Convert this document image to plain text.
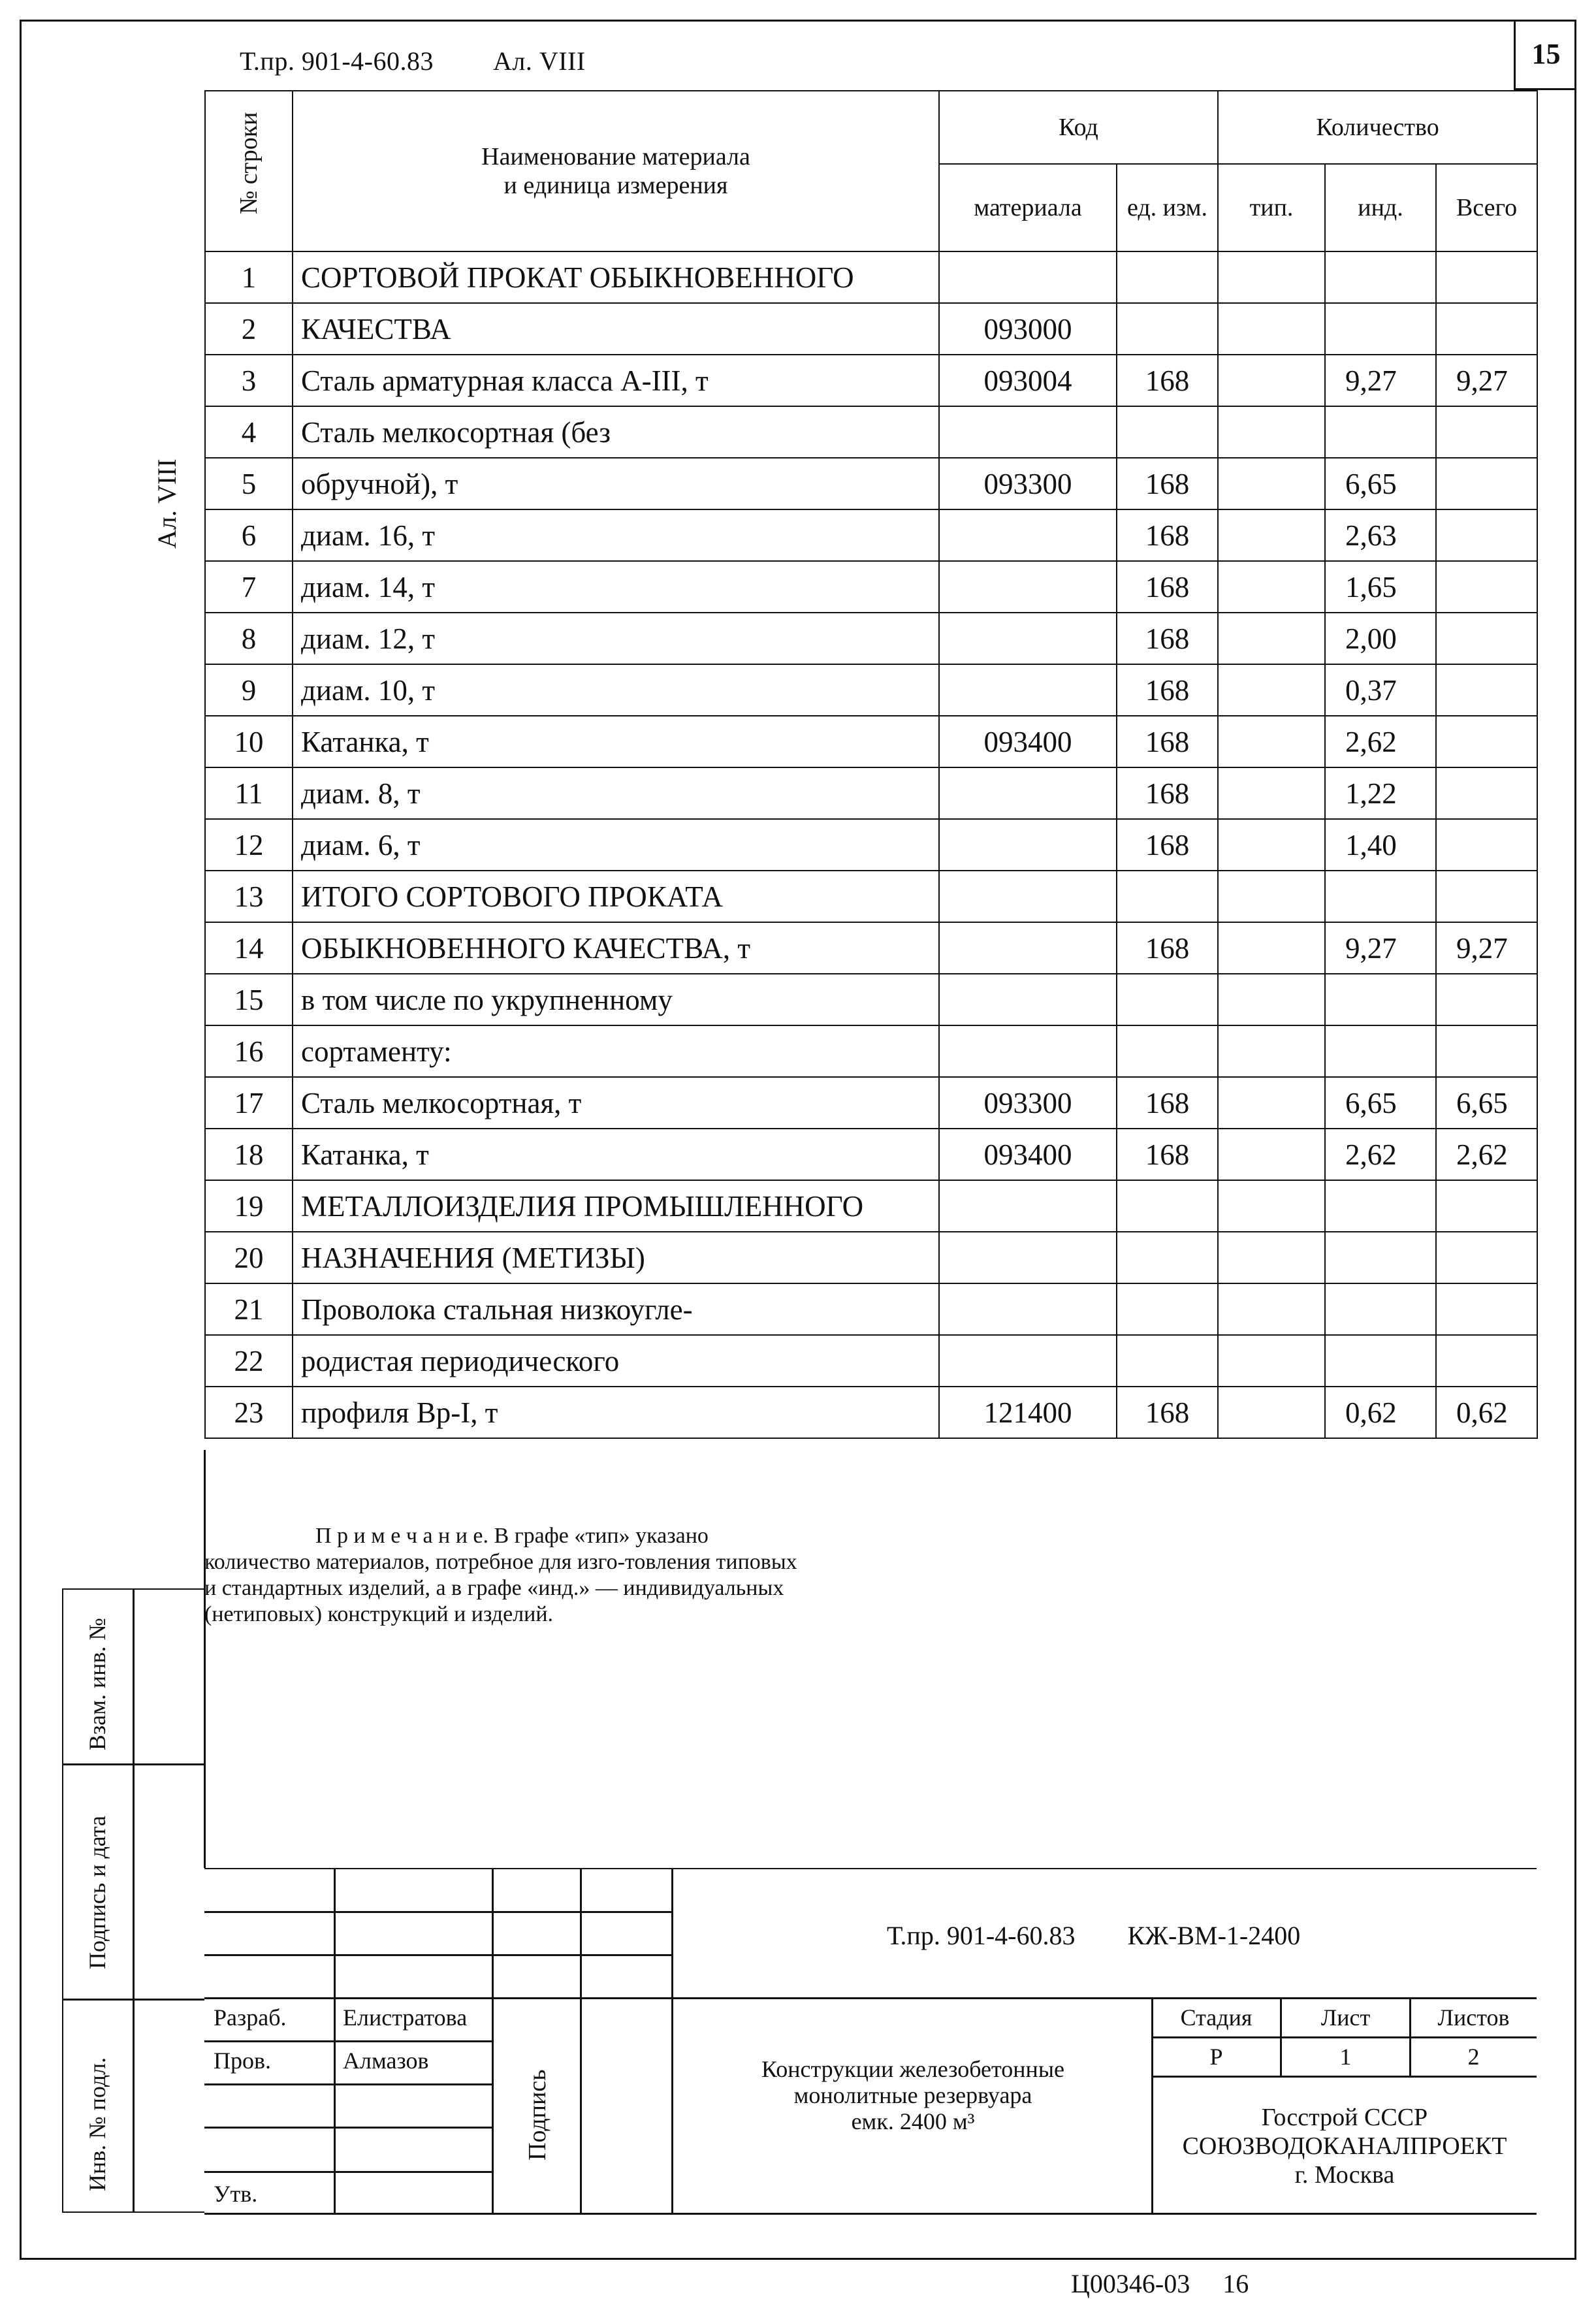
Т.пр. 901-4-60.83 Ал. VIII	15
Ал. VIII
№ строки	Наименование материала
и единица измерения	Код		Количество		
		материала	ед. изм.	тип.	инд.	Всего
1	СОРТОВОЙ ПРОКАТ ОБЫКНОВЕННОГО					
2	КАЧЕСТВА	093000				
3	Сталь арматурная класса А-III, т	093004	168		9,27	9,27
4	Сталь мелкосортная (без					
5	обручной), т	093300	168		6,65	
6	диам. 16, т		168		2,63	
7	диам. 14, т		168		1,65	
8	диам. 12, т		168		2,00	
9	диам. 10, т		168		0,37	
10	Катанка, т	093400	168		2,62	
11	диам. 8, т		168		1,22	
12	диам. 6, т		168		1,40	
13	ИТОГО СОРТОВОГО ПРОКАТА					
14	ОБЫКНОВЕННОГО КАЧЕСТВА, т		168		9,27	9,27
15	в том числе по укрупненному					
16	сортаменту:					
17	Сталь мелкосортная, т	093300	168		6,65	6,65
18	Катанка, т	093400	168		2,62	2,62
19	МЕТАЛЛОИЗДЕЛИЯ ПРОМЫШЛЕННОГО					
20	НАЗНАЧЕНИЯ (МЕТИЗЫ)					
21	Проволока стальная низкоугле-					
22	родистая периодического					
23	профиля Вр-I, т	121400	168		0,62	0,62
П р и м е ч а н и е. В графе «тип» указано количество материалов, потребное для изго-товления типовых и стандартных изделий, а в графе «инд.» — индивидуальных (нетиповых) конструкций и изделий.
Взам. инв. №
Подпись и дата
Инв. № подл.
Т.пр. 901-4-60.83 КЖ-ВМ-1-2400
Разраб. Елистратова
Пров.	Алмазов
Утв.
Подпись
Конструкции железобетонные
монолитные резервуара
емк. 2400 м³
Стадия	Лист	Листов
Р	1	2
Госстрой СССР
СОЮЗВОДОКАНАЛПРОЕКТ
г. Москва
Ц00346-03 16
